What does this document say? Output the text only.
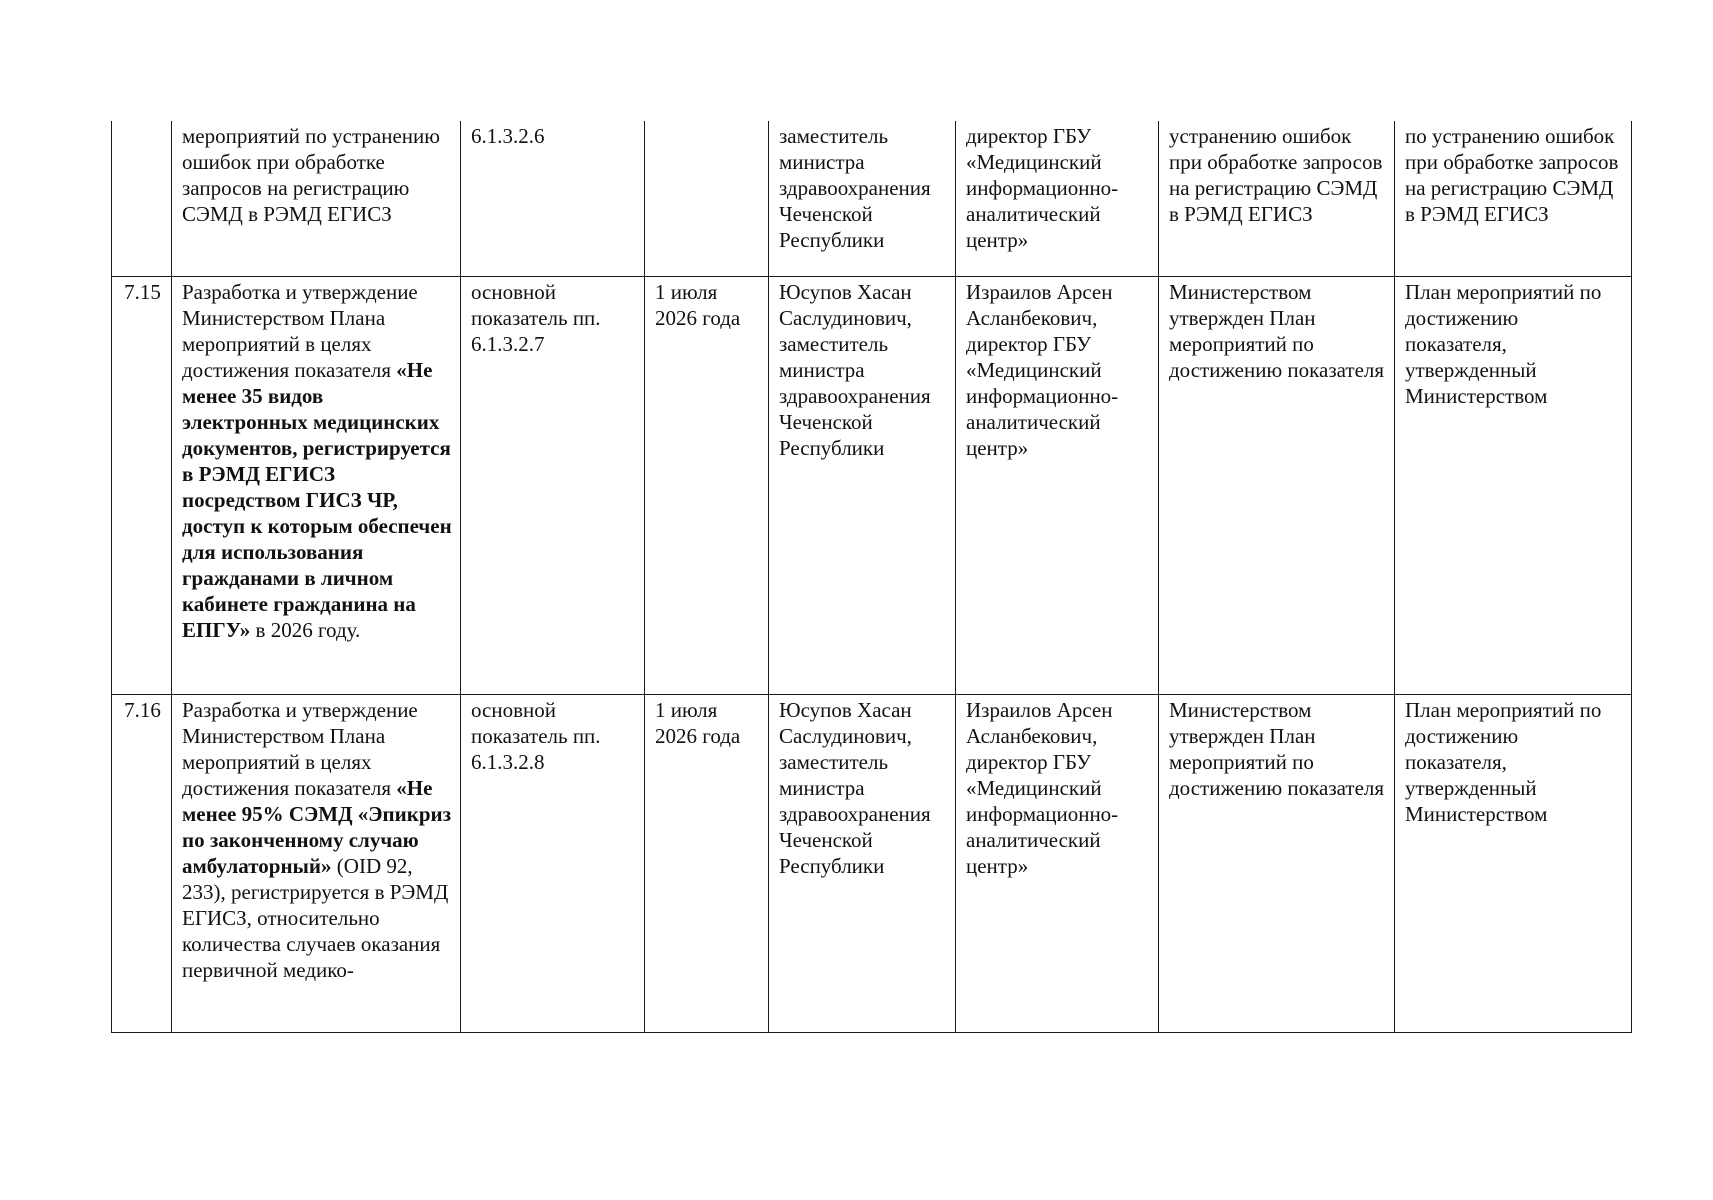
	мероприятий по устранению ошибок при обработке запросов на регистрацию СЭМД в РЭМД ЕГИСЗ	6.1.3.2.6		заместитель министра здравоохранения Чеченской Республики	директор ГБУ «Медицинский информационно-аналитический центр»	устранению ошибок при обработке запросов на регистрацию СЭМД в РЭМД ЕГИСЗ	по устранению ошибок при обработке запросов на регистрацию СЭМД в РЭМД ЕГИСЗ
7.15	Разработка и утверждение Министерством Плана мероприятий в целях достижения показателя «Не менее 35 видов электронных медицинских документов, регистрируется в РЭМД ЕГИСЗ посредством ГИСЗ ЧР, доступ к которым обеспечен для использования гражданами в личном кабинете гражданина на ЕПГУ» в 2026 году.	основной показатель пп. 6.1.3.2.7	1 июля 2026 года	Юсупов Хасан Саслудинович, заместитель министра здравоохранения Чеченской Республики	Израилов Арсен Асланбекович, директор ГБУ «Медицинский информационно-аналитический центр»	Министерством утвержден План мероприятий по достижению показателя	План мероприятий по достижению показателя, утвержденный Министерством
7.16	Разработка и утверждение Министерством Плана мероприятий в целях достижения показателя «Не менее 95% СЭМД «Эпикриз по законченному случаю амбулаторный» (OID 92, 233), регистрируется в РЭМД ЕГИСЗ, относительно количества случаев оказания первичной медико-	основной показатель пп. 6.1.3.2.8	1 июля 2026 года	Юсупов Хасан Саслудинович, заместитель министра здравоохранения Чеченской Республики	Израилов Арсен Асланбекович, директор ГБУ «Медицинский информационно-аналитический центр»	Министерством утвержден План мероприятий по достижению показателя	План мероприятий по достижению показателя, утвержденный Министерством
